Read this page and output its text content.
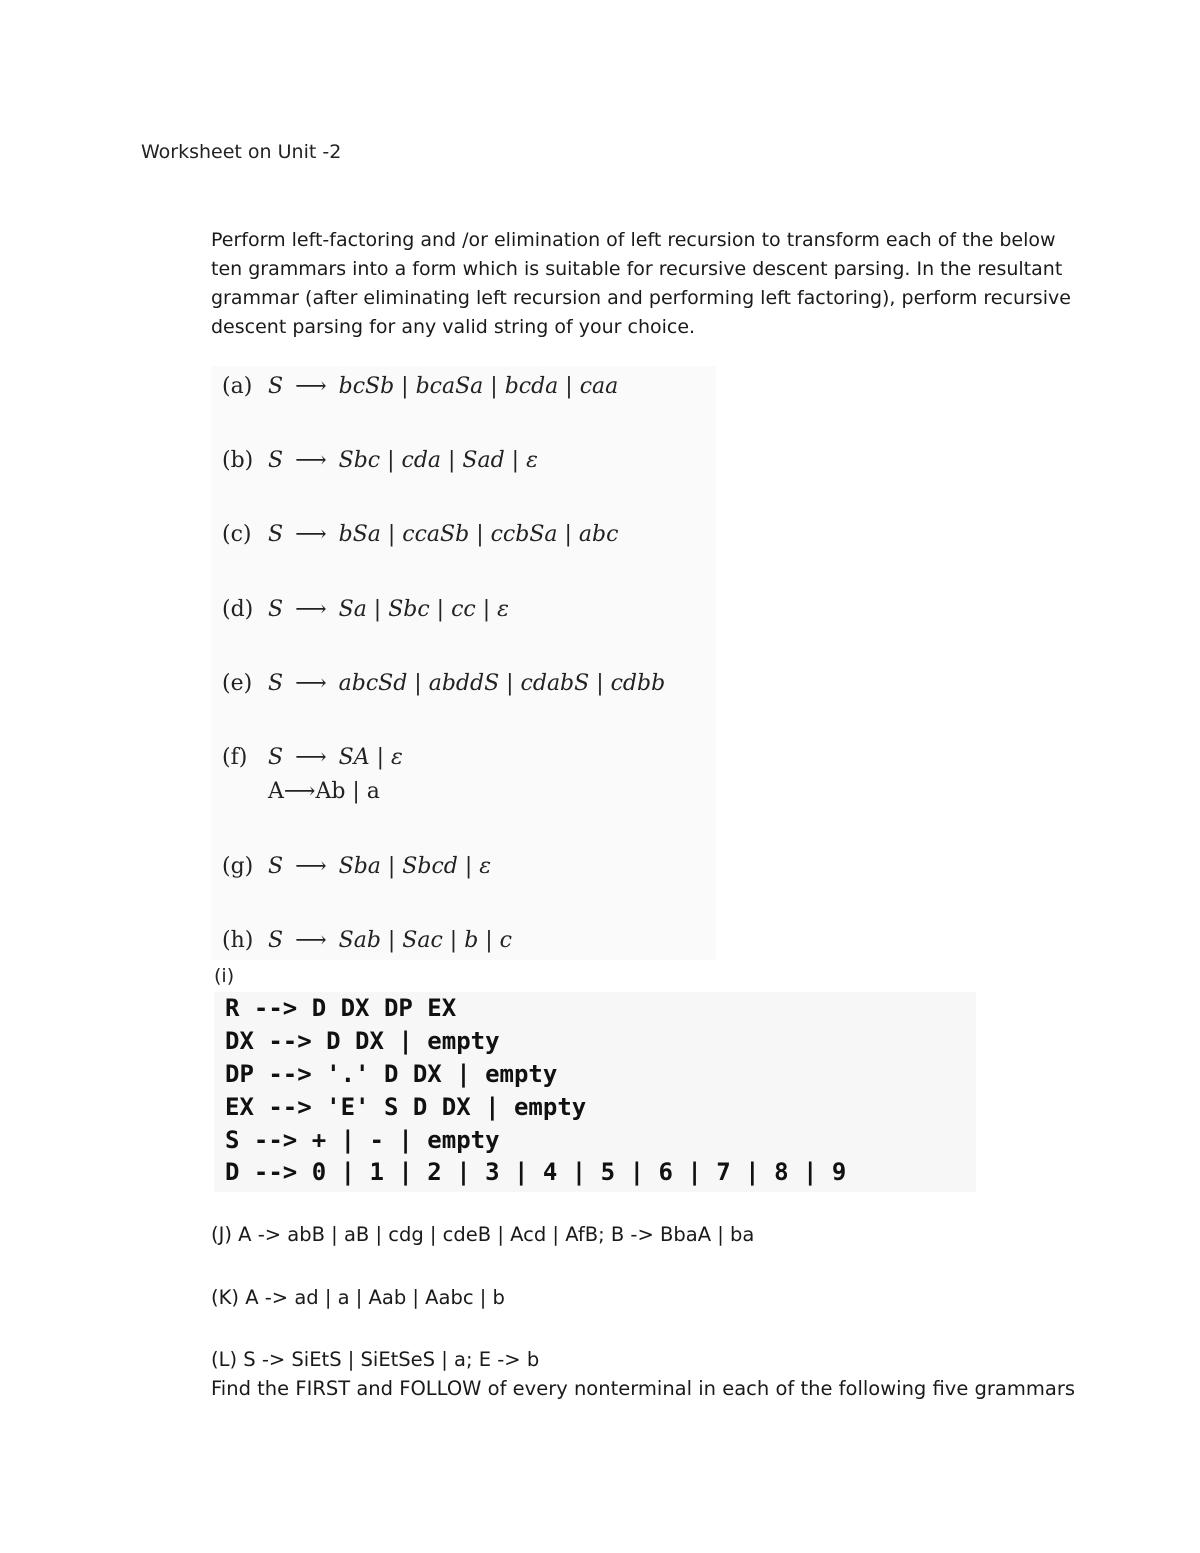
Worksheet on Unit -2
Perform left-factoring and /or elimination of left recursion to transform each of the below ten grammars into a form which is suitable for recursive descent parsing. In the resultant grammar (after eliminating left recursion and performing left factoring), perform recursive descent parsing for any valid string of your choice.
(a) S ⟶ bcSb | bcaSa | bcda | caa
(b) S ⟶ Sbc | cda | Sad | ε
(c) S ⟶ bSa | ccaSb | ccbSa | abc
(d) S ⟶ Sa | Sbc | cc | ε
(e) S ⟶ abcSd | abddS | cdabS | cdbb
(f) S ⟶ SA | ε
A⟶Ab | a
(g) S ⟶ Sba | Sbcd | ε
(h) S ⟶ Sab | Sac | b | c
(i)
R --> D DX DP EX
DX --> D DX | empty
DP --> '.' D DX | empty
EX --> 'E' S D DX | empty
S --> + | - | empty
D --> 0 | 1 | 2 | 3 | 4 | 5 | 6 | 7 | 8 | 9
(J) A -> abB | aB | cdg | cdeB | Acd | AfB; B -> BbaA | ba
(K) A -> ad | a | Aab | Aabc | b
(L) S -> SiEtS | SiEtSeS | a; E -> b
Find the FIRST and FOLLOW of every nonterminal in each of the following five grammars
